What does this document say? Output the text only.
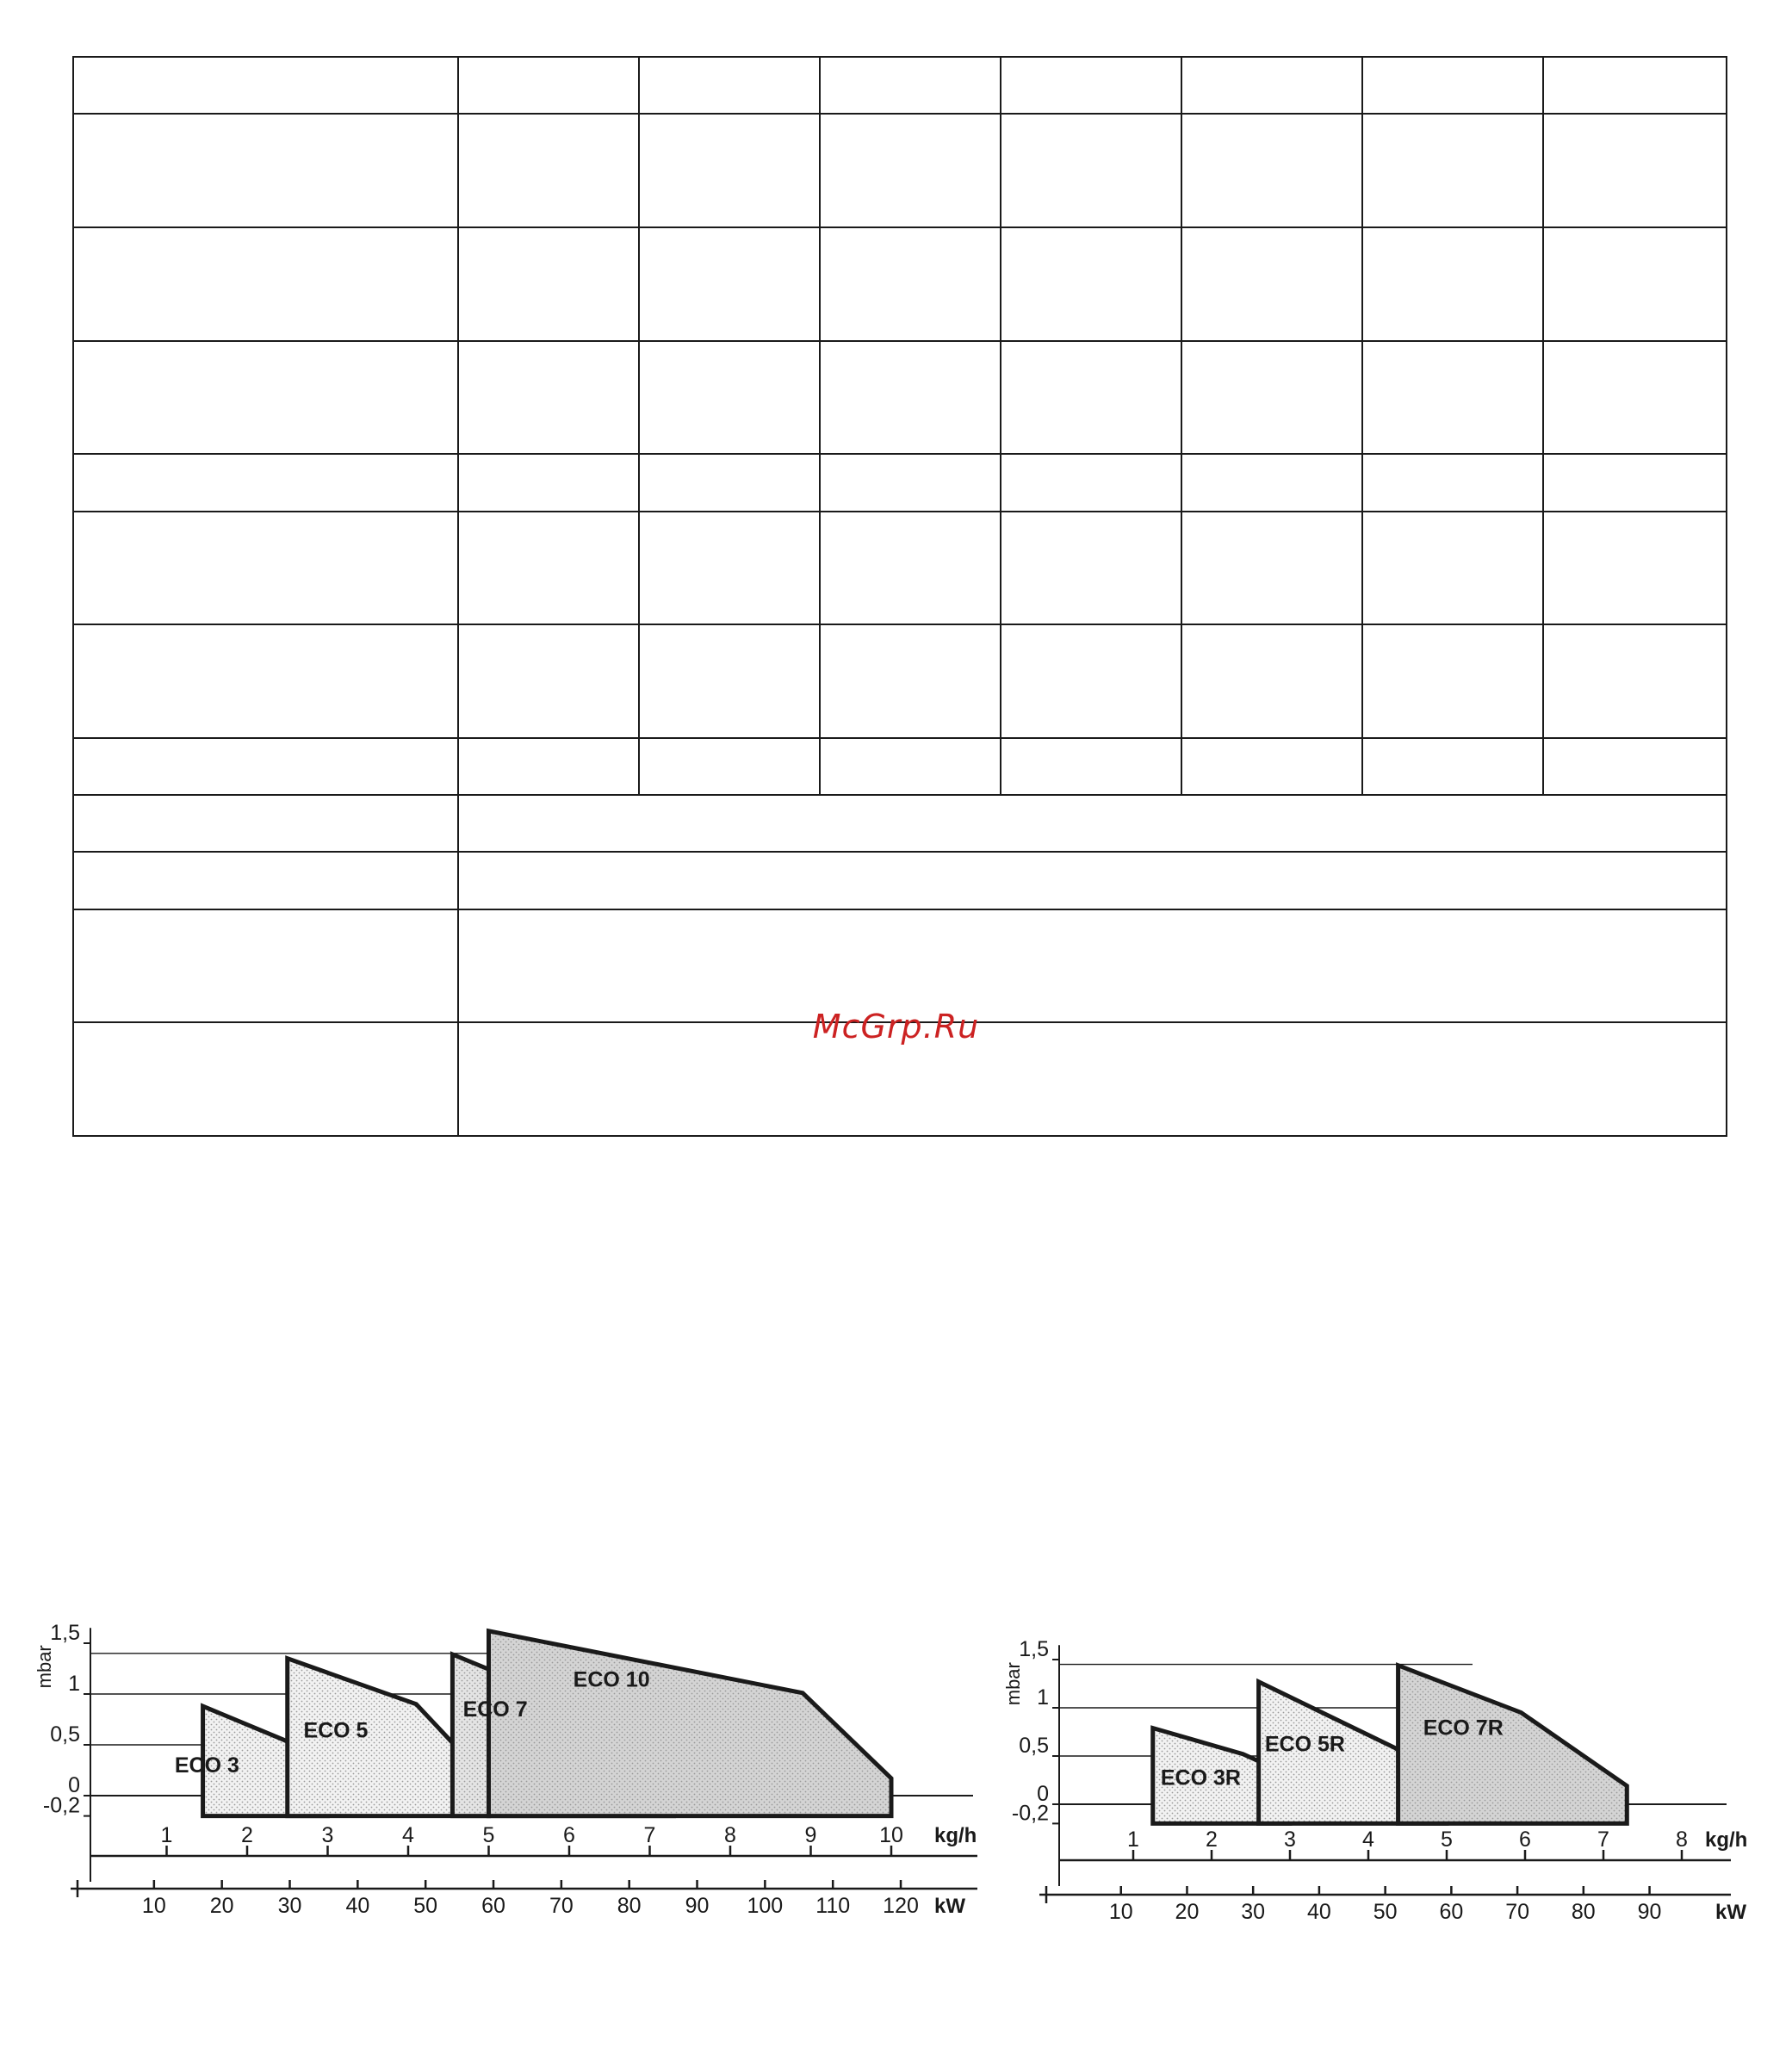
McGrp.Ru
1,5
1
0,5
0
-0,2
mbar
ECO 3
ECO 5
ECO 7
ECO 10
1	2	3	4	5	6	7	8	9	10 kg/h
10 20 30 40 50 60 70 80 90 100 110 120 kW
1,5
1
0,5
0
-0,2
mbar
ECO 3R
ECO 5R
ECO 7R
1	2	3	4	5	6	7	8 kg/h
10 20 30 40 50 60 70 80 90	kW
